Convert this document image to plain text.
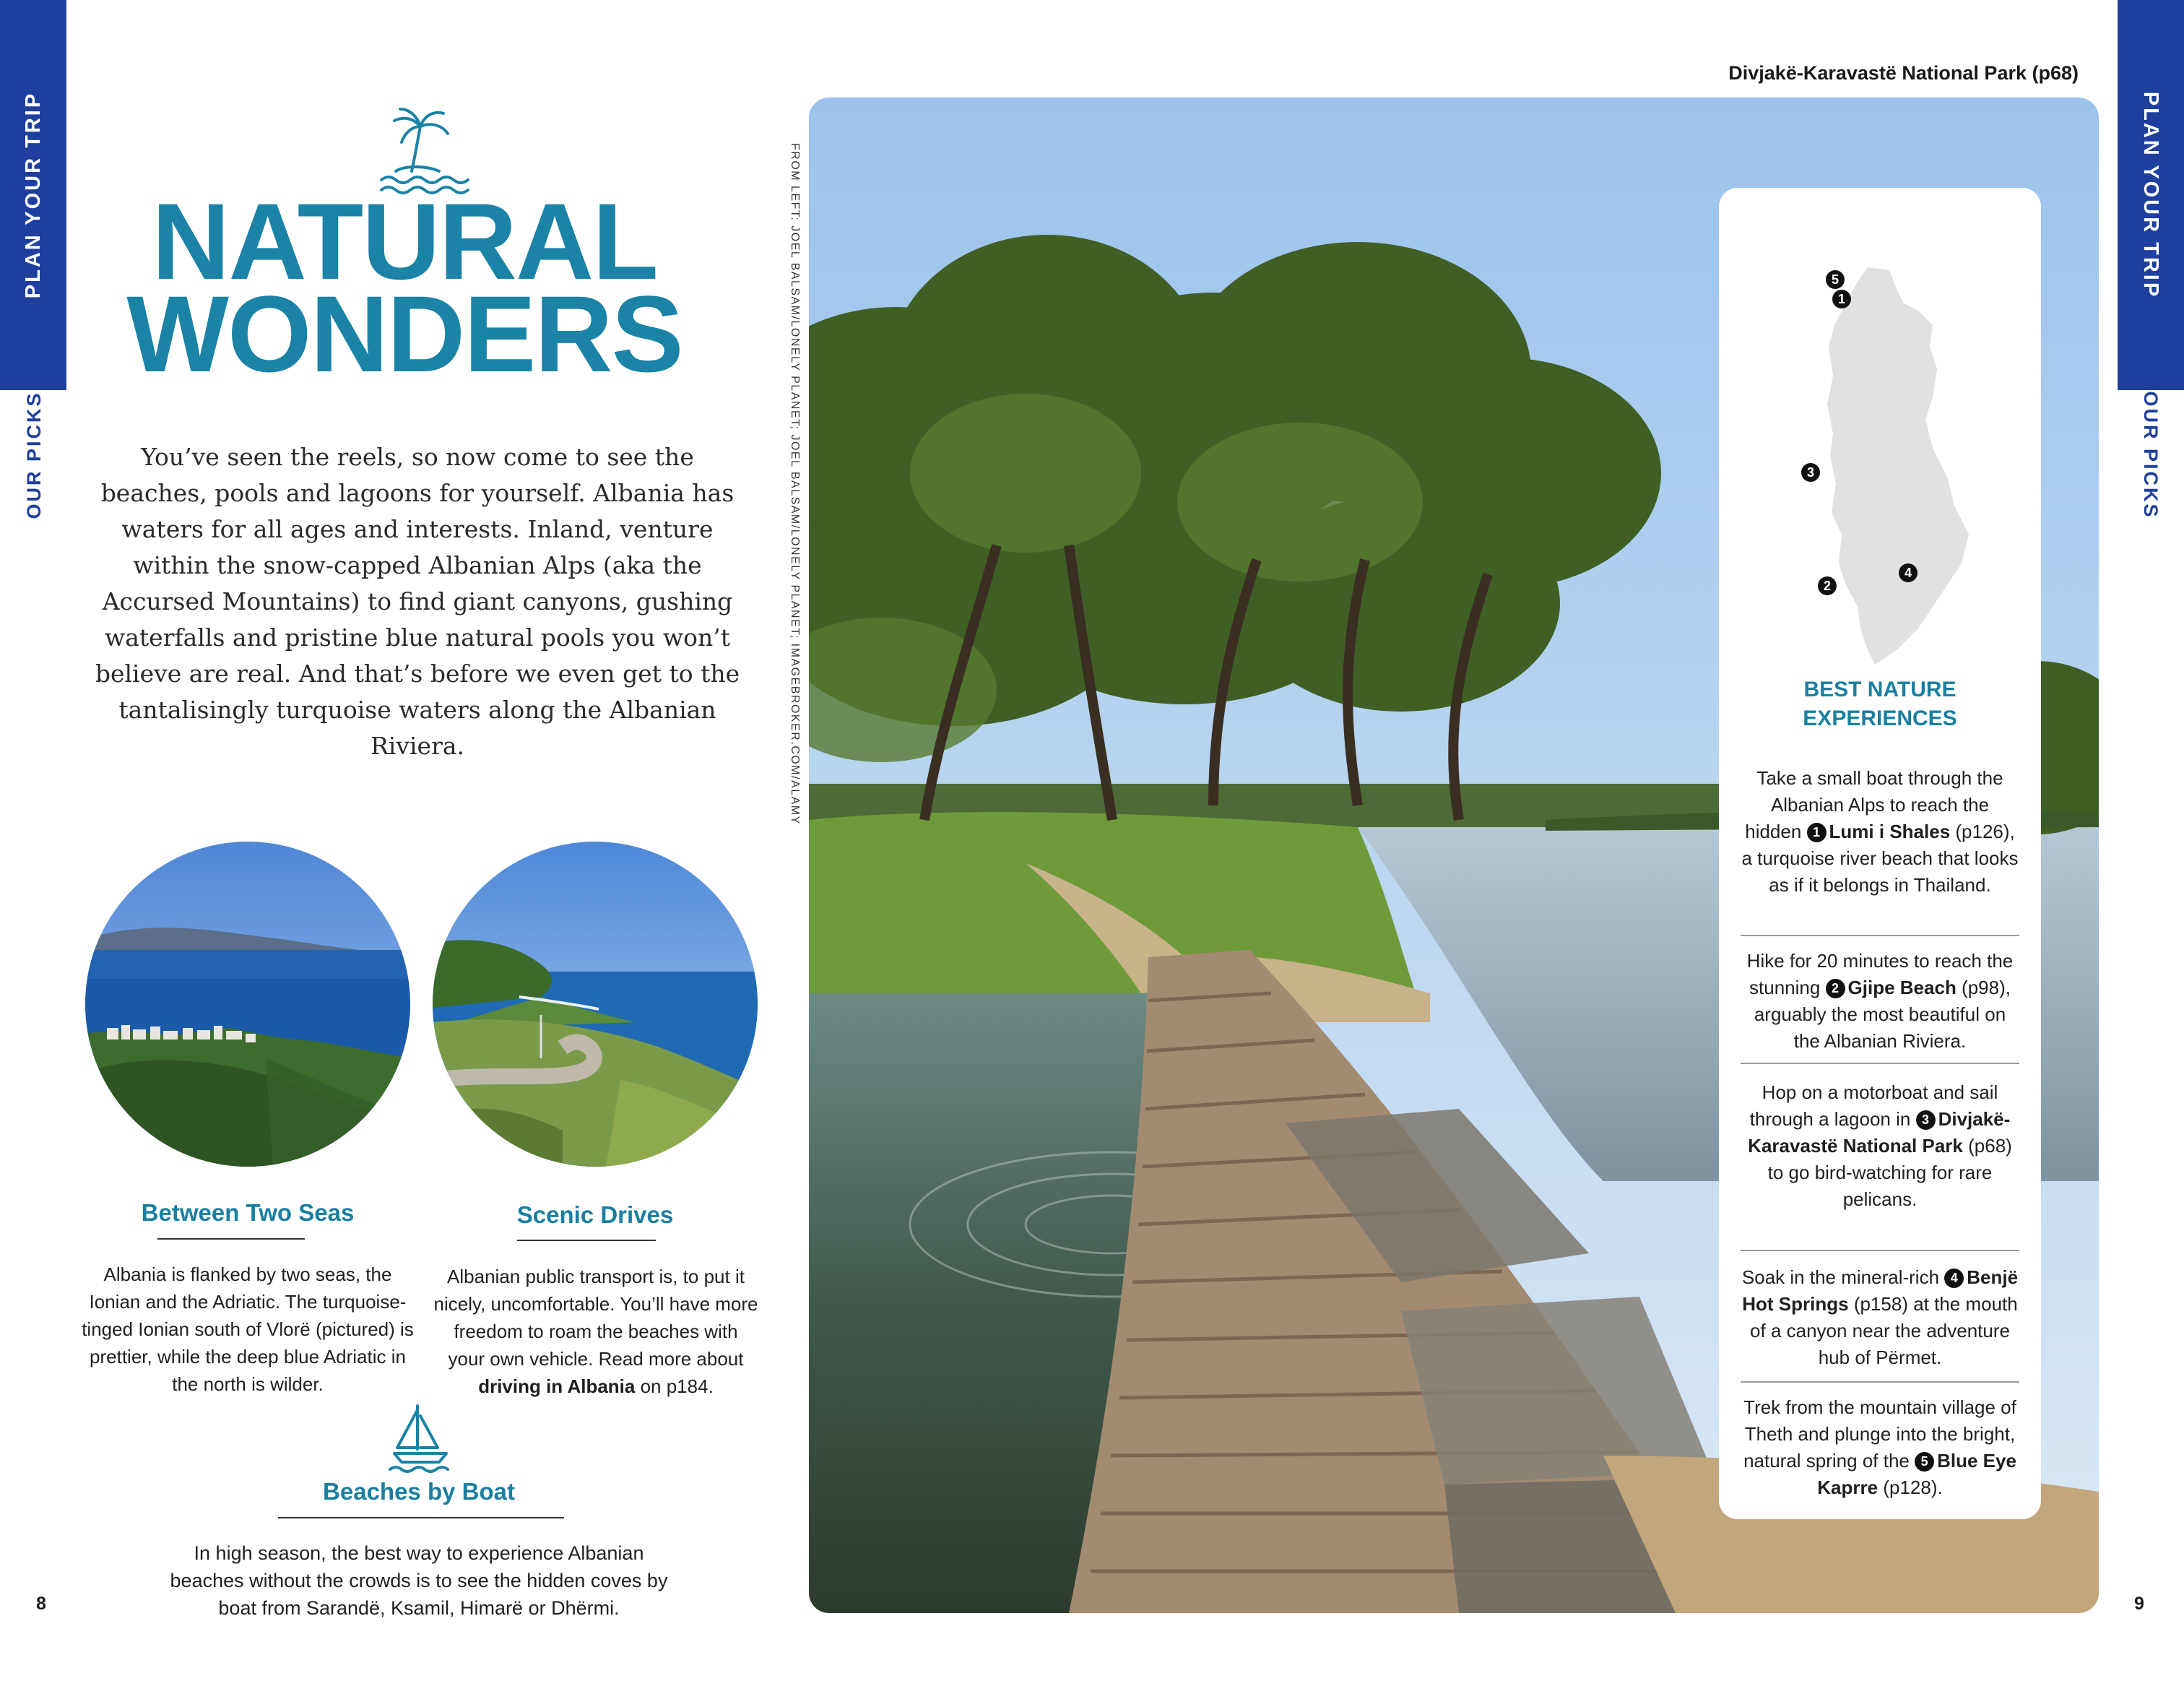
PLAN YOUR TRIP
OUR PICKS
NATURAL
WONDERS
You’ve seen the reels, so now come to see the beaches, pools and lagoons for yourself. Albania has waters for all ages and interests. Inland, venture within the snow-capped Albanian Alps (aka the Accursed Mountains) to find giant canyons, gushing waterfalls and pristine blue natural pools you won’t believe are real. And that’s before we even get to the tantalisingly turquoise waters along the Albanian Riviera.
Between Two Seas
Albania is flanked by two seas, the Ionian and the Adriatic. The turquoise-tinged Ionian south of Vlorë (pictured) is prettier, while the deep blue Adriatic in the north is wilder.
Scenic Drives
Albanian public transport is, to put it nicely, uncomfortable. You’ll have more freedom to roam the beaches with your own vehicle. Read more about driving in Albania on p184.
Beaches by Boat
In high season, the best way to experience Albanian beaches without the crowds is to see the hidden coves by boat from Sarandë, Ksamil, Himarë or Dhërmi.
8
Divjakë-Karavastë National Park (p68)
FROM LEFT: JOEL BALSAM/LONELY PLANET; JOEL BALSAM/LONELY PLANET; IMAGEBROKER.COM/ALAMY	5
1
3
2
4
BEST NATURE
EXPERIENCES
Take a small boat through the Albanian Alps to reach the hidden 1 Lumi i Shales (p126), a turquoise river beach that looks as if it belongs in Thailand.
Hike for 20 minutes to reach the stunning 2 Gjipe Beach (p98), arguably the most beautiful on the Albanian Riviera.
Hop on a motorboat and sail through a lagoon in 3 Divjakë-Karavastë National Park (p68) to go bird-watching for rare pelicans.
Soak in the mineral-rich 4 Benjë Hot Springs (p158) at the mouth of a canyon near the adventure hub of Përmet.
Trek from the mountain village of Theth and plunge into the bright, natural spring of the 5 Blue Eye Kaprre (p128).
PLAN YOUR TRIP
OUR PICKS
9
